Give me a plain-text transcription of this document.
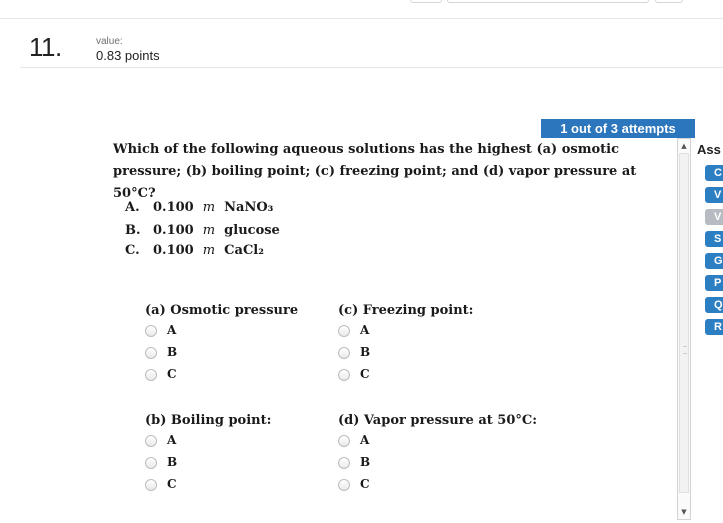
11.	value:
0.83 points
1 out of 3 attempts
Which of the following aqueous solutions has the highest (a) osmotic pressure; (b) boiling point; (c) freezing point; and (d) vapor pressure at 50°C?
A. 0.100 m NaNO₃
B. 0.100 m glucose
C. 0.100 m CaCl₂
(a) Osmotic pressure
A
B
C
(c) Freezing point:
A
B
C
(b) Boiling point:
A
B
C
(d) Vapor pressure at 50°C:
A
B
C
▲
▼
Ass
C
V
V
S
G
P
Q
R
